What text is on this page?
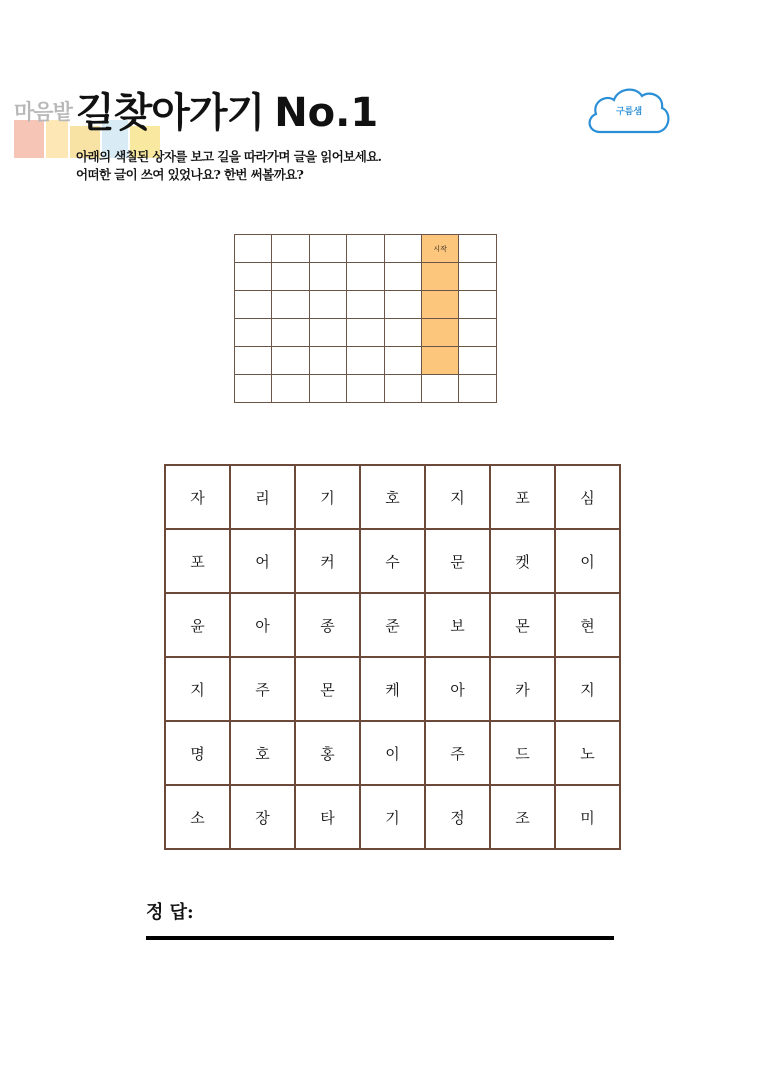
마음밭 길찾아가기 No.1	구름샘
아래의 색칠된 상자를 보고 길을 따라가며 글을 읽어보세요.
어떠한 글이 쓰여 있었나요? 한번 써볼까요?
					시작	

자	리	기	호	지	포	심
포	어	커	수	문	켓	이
윤	아	종	준	보	몬	현
지	주	몬	케	아	카	지
명	호	홍	이	주	드	노
소	장	타	기	정	조	미
정 답:
